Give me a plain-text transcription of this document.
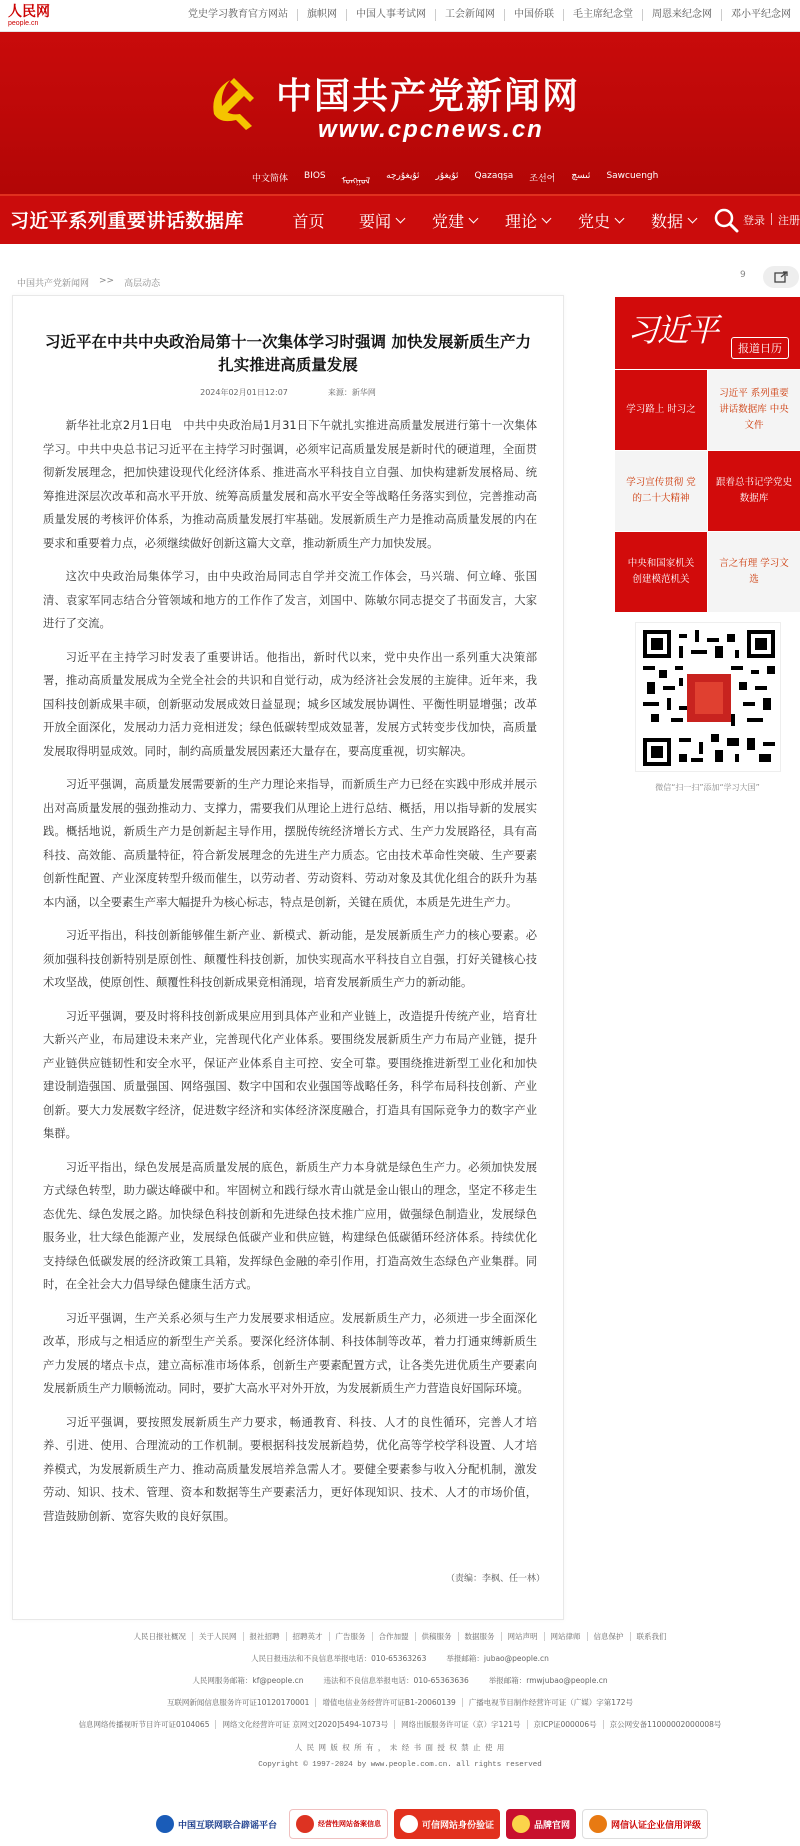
人民网
people.cn
党史学习教育官方网站	旗帜网	中国人事考试网	工会新闻网	中国侨联	毛主席纪念堂	周恩来纪念网	邓小平纪念网
中国共产党新闻网
www.cpcnews.cn
中文简体 BIOS
ᠮᠤᠩᠭᠤᠯ
ئۇيغۇرچە ئۇيغۇر Qazaqşa 조선어 ئىسچ Sawcuengh
习近平系列重要讲话数据库	首页 要闻	党建	理论	党史	数据	登录 注册
中国共产党新闻网 >> 高层动态
9
习近平在中共中央政治局第十一次集体学习时强调 加快发展新质生产力 扎实推进高质量发展
2024年02月01日12:07	来源：新华网

新华社北京2月1日电　中共中央政治局1月31日下午就扎实推进高质量发展进行第十一次集体学习。中共中央总书记习近平在主持学习时强调，必须牢记高质量发展是新时代的硬道理，全面贯彻新发展理念，把加快建设现代化经济体系、推进高水平科技自立自强、加快构建新发展格局、统筹推进深层次改革和高水平开放、统筹高质量发展和高水平安全等战略任务落实到位，完善推动高质量发展的考核评价体系，为推动高质量发展打牢基础。发展新质生产力是推动高质量发展的内在要求和重要着力点，必须继续做好创新这篇大文章，推动新质生产力加快发展。

这次中央政治局集体学习，由中央政治局同志自学并交流工作体会，马兴瑞、何立峰、张国清、袁家军同志结合分管领域和地方的工作作了发言，刘国中、陈敏尔同志提交了书面发言，大家进行了交流。

习近平在主持学习时发表了重要讲话。他指出，新时代以来，党中央作出一系列重大决策部署，推动高质量发展成为全党全社会的共识和自觉行动，成为经济社会发展的主旋律。近年来，我国科技创新成果丰硕，创新驱动发展成效日益显现；城乡区域发展协调性、平衡性明显增强；改革开放全面深化，发展动力活力竞相迸发；绿色低碳转型成效显著，发展方式转变步伐加快，高质量发展取得明显成效。同时，制约高质量发展因素还大量存在，要高度重视，切实解决。

习近平强调，高质量发展需要新的生产力理论来指导，而新质生产力已经在实践中形成并展示出对高质量发展的强劲推动力、支撑力，需要我们从理论上进行总结、概括，用以指导新的发展实践。概括地说，新质生产力是创新起主导作用，摆脱传统经济增长方式、生产力发展路径，具有高科技、高效能、高质量特征，符合新发展理念的先进生产力质态。它由技术革命性突破、生产要素创新性配置、产业深度转型升级而催生，以劳动者、劳动资料、劳动对象及其优化组合的跃升为基本内涵，以全要素生产率大幅提升为核心标志，特点是创新，关键在质优，本质是先进生产力。

习近平指出，科技创新能够催生新产业、新模式、新动能，是发展新质生产力的核心要素。必须加强科技创新特别是原创性、颠覆性科技创新，加快实现高水平科技自立自强，打好关键核心技术攻坚战，使原创性、颠覆性科技创新成果竞相涌现，培育发展新质生产力的新动能。

习近平强调，要及时将科技创新成果应用到具体产业和产业链上，改造提升传统产业，培育壮大新兴产业，布局建设未来产业，完善现代化产业体系。要围绕发展新质生产力布局产业链，提升产业链供应链韧性和安全水平，保证产业体系自主可控、安全可靠。要围绕推进新型工业化和加快建设制造强国、质量强国、网络强国、数字中国和农业强国等战略任务，科学布局科技创新、产业创新。要大力发展数字经济，促进数字经济和实体经济深度融合，打造具有国际竞争力的数字产业集群。

习近平指出，绿色发展是高质量发展的底色，新质生产力本身就是绿色生产力。必须加快发展方式绿色转型，助力碳达峰碳中和。牢固树立和践行绿水青山就是金山银山的理念，坚定不移走生态优先、绿色发展之路。加快绿色科技创新和先进绿色技术推广应用，做强绿色制造业，发展绿色服务业，壮大绿色能源产业，发展绿色低碳产业和供应链，构建绿色低碳循环经济体系。持续优化支持绿色低碳发展的经济政策工具箱，发挥绿色金融的牵引作用，打造高效生态绿色产业集群。同时，在全社会大力倡导绿色健康生活方式。

习近平强调，生产关系必须与生产力发展要求相适应。发展新质生产力，必须进一步全面深化改革，形成与之相适应的新型生产关系。要深化经济体制、科技体制等改革，着力打通束缚新质生产力发展的堵点卡点，建立高标准市场体系，创新生产要素配置方式，让各类先进优质生产要素向发展新质生产力顺畅流动。同时，要扩大高水平对外开放，为发展新质生产力营造良好国际环境。

习近平强调，要按照发展新质生产力要求，畅通教育、科技、人才的良性循环，完善人才培养、引进、使用、合理流动的工作机制。要根据科技发展新趋势，优化高等学校学科设置、人才培养模式，为发展新质生产力、推动高质量发展培养急需人才。要健全要素参与收入分配机制，激发劳动、知识、技术、管理、资本和数据等生产要素活力，更好体现知识、技术、人才的市场价值，营造鼓励创新、宽容失败的良好氛围。

（责编：李枫、任一林）
习近平	报道日历
学习路上 时习之
习近平 系列重要讲话数据库 中央文件
学习宣传贯彻 党的二十大精神
跟着总书记学党史 数据库
中央和国家机关 创建模范机关
言之有理 学习文选
微信“扫一扫”添加“学习大国”
人民日报社概况	关于人民网	报社招聘	招聘英才	广告服务	合作加盟	供稿服务	数据服务	网站声明	网站律师	信息保护	联系我们
人民日报违法和不良信息举报电话：010-65363263	举报邮箱：jubao@people.cn
人民网服务邮箱：kf@people.cn	违法和不良信息举报电话：010-65363636	举报邮箱：rmwjubao@people.cn
互联网新闻信息服务许可证10120170001	增值电信业务经营许可证B1-20060139	广播电视节目制作经营许可证（广媒）字第172号
信息网络传播视听节目许可证0104065	网络文化经营许可证 京网文[2020]5494-1073号	网络出版服务许可证（京）字121号	京ICP证000006号	京公网安备11000002000008号
人 民 网 版 权 所 有 ， 未 经 书 面 授 权 禁 止 使 用
Copyright © 1997-2024 by www.people.com.cn. all rights reserved
中国互联网联合辟谣平台	经营性网站备案信息	可信网站身份验证	品牌官网	网信认证企业信用评级
